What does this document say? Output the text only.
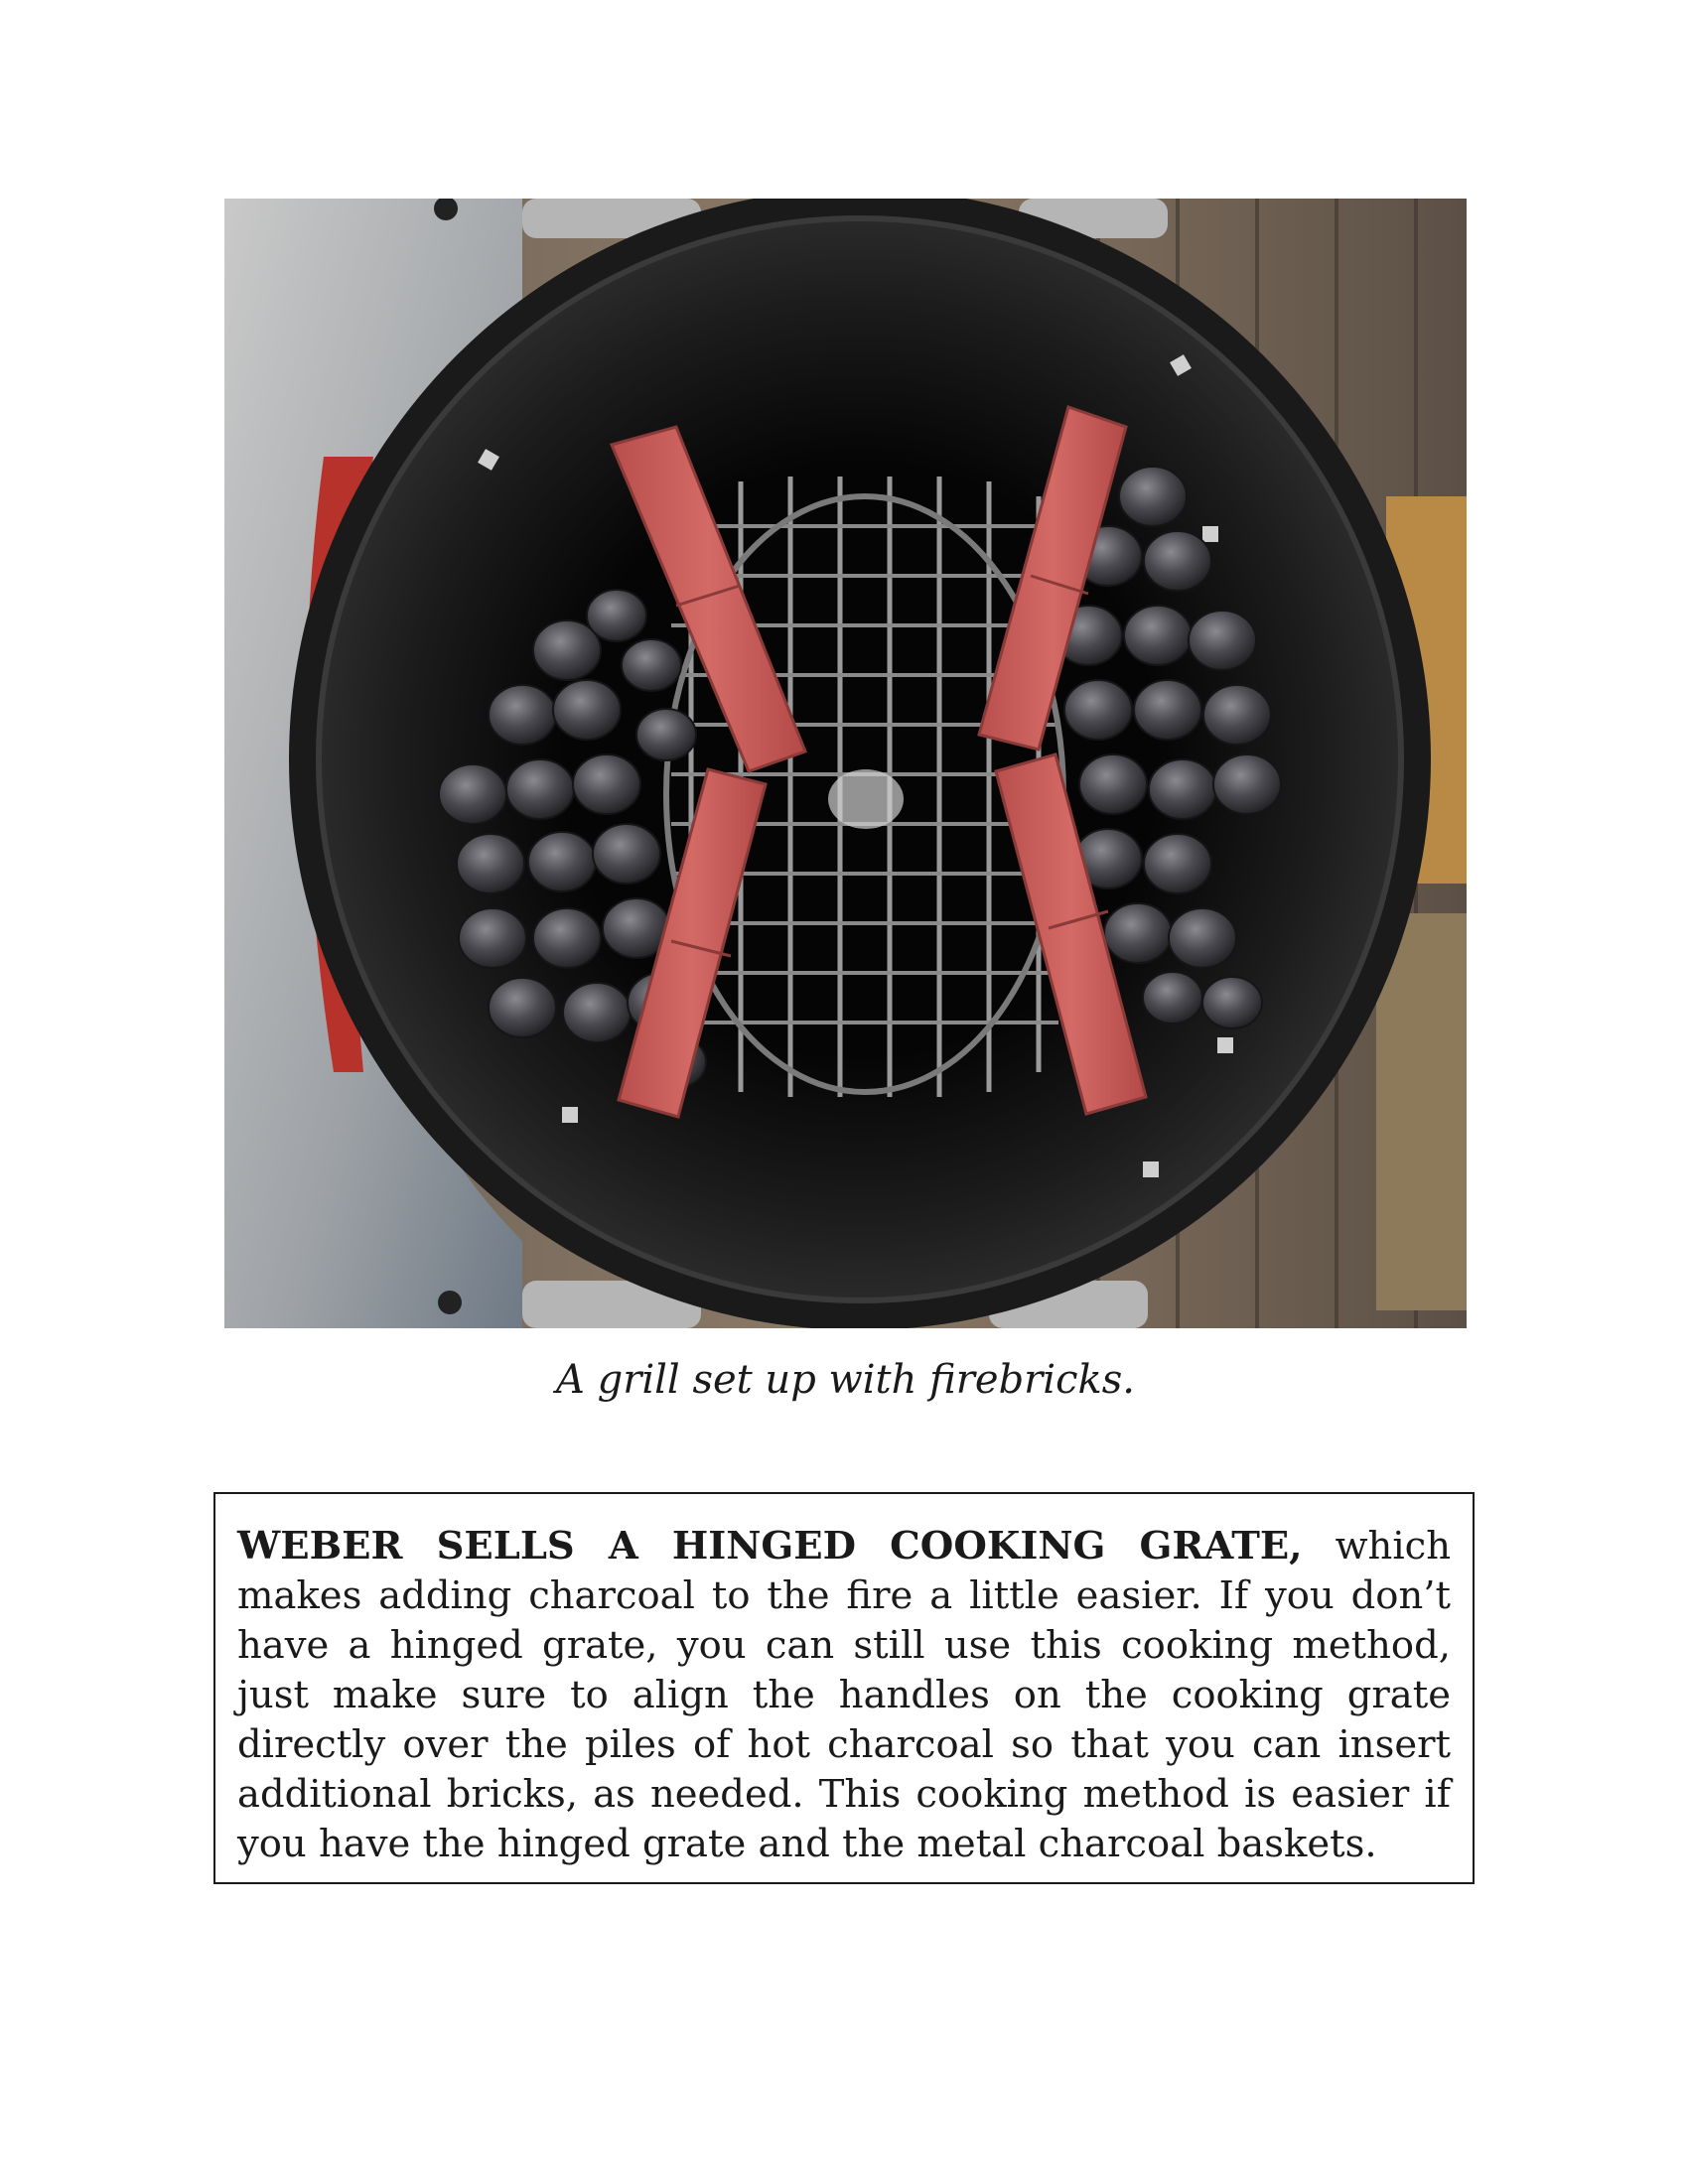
A grill set up with firebricks.

WEBER SELLS A HINGED COOKING GRATE, which makes adding charcoal to the fire a little easier. If you don’t have a hinged grate, you can still use this cooking method, just make sure to align the handles on the cooking grate directly over the piles of hot charcoal so that you can insert additional bricks, as needed. This cooking method is easier if you have the hinged grate and the metal charcoal baskets.
